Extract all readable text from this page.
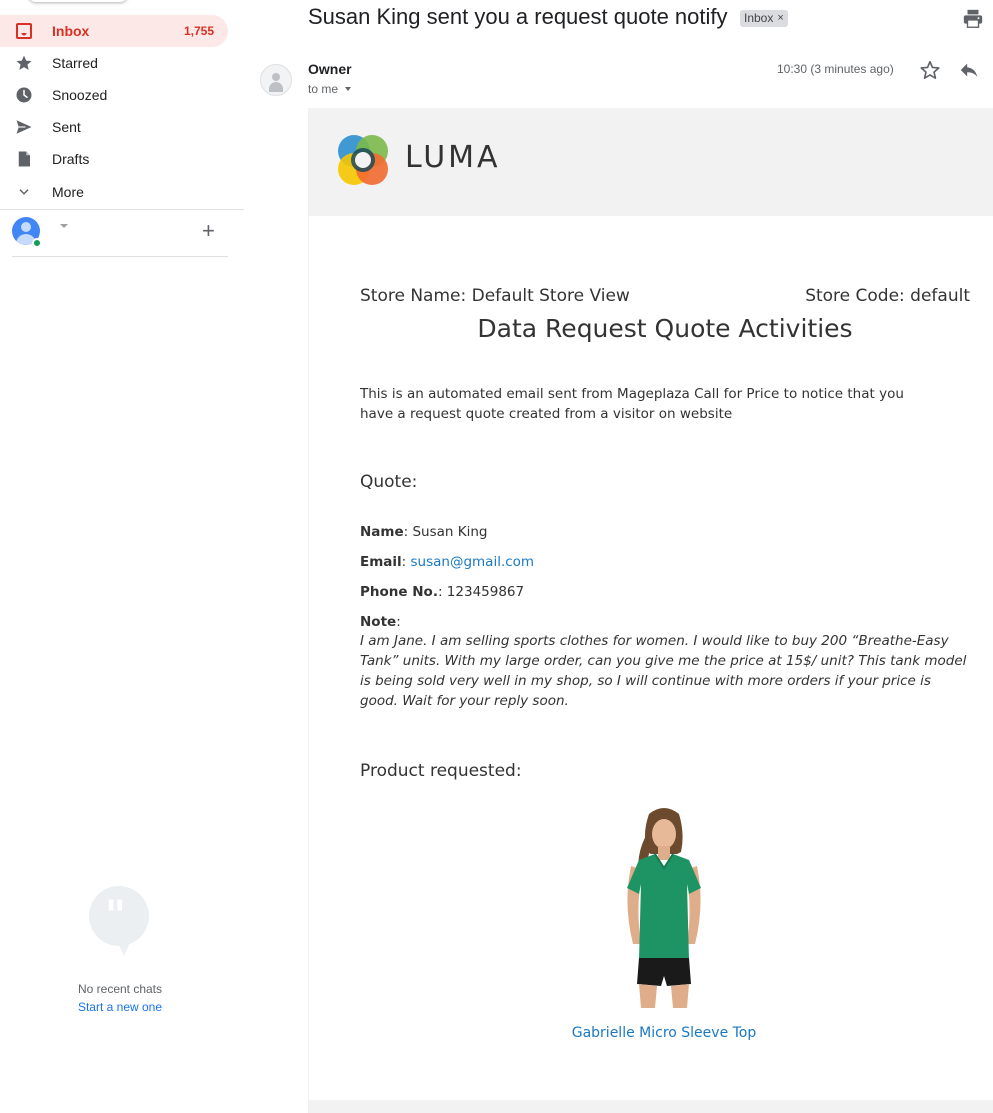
Inbox	1,755
Starred
Snoozed
Sent
Drafts
More
+
"
No recent chats
Start a new one
Susan King sent you a request quote notify Inbox ×
Owner
to me
10:30 (3 minutes ago)
LUMA
Store Name: Default Store View	Store Code: default
Data Request Quote Activities
This is an automated email sent from Mageplaza Call for Price to notice that you have a request quote created from a visitor on website
Quote:
Name: Susan King
Email: susan@gmail.com
Phone No.: 123459867
Note:
I am Jane. I am selling sports clothes for women. I would like to buy 200 “Breathe-Easy Tank” units. With my large order, can you give me the price at 15$/ unit? This tank model is being sold very well in my shop, so I will continue with more orders if your price is good. Wait for your reply soon.
Product requested:
Gabrielle Micro Sleeve Top
